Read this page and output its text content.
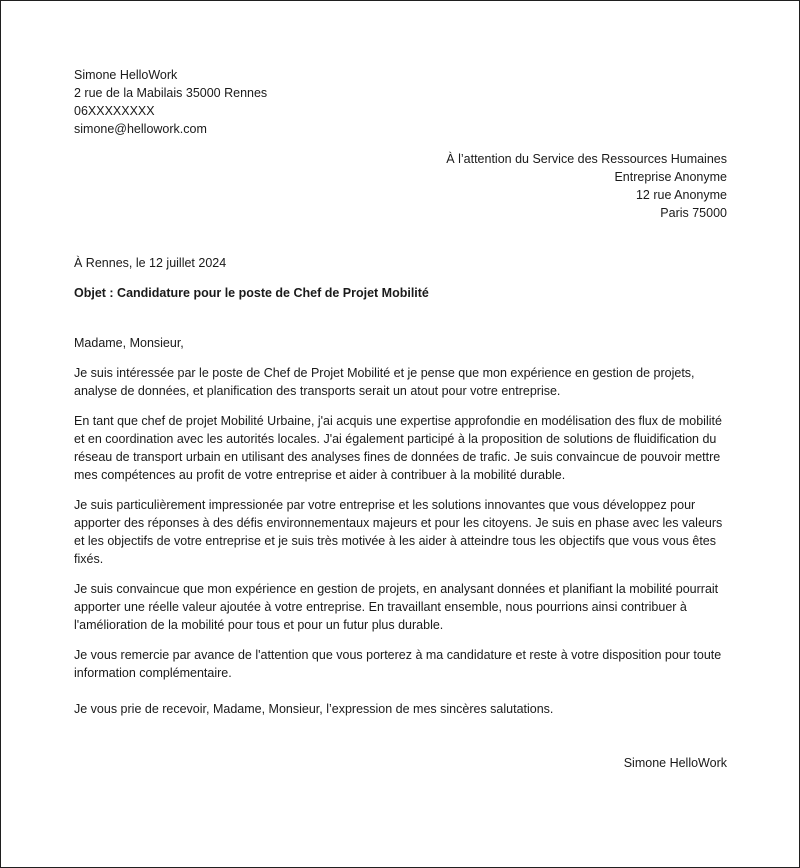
Simone HelloWork
2 rue de la Mabilais 35000 Rennes
06XXXXXXXX
simone@hellowork.com
À l’attention du Service des Ressources Humaines
Entreprise Anonyme
12 rue Anonyme
Paris 75000
À Rennes, le 12 juillet 2024
Objet : Candidature pour le poste de Chef de Projet Mobilité
Madame, Monsieur,
Je suis intéressée par le poste de Chef de Projet Mobilité et je pense que mon expérience en gestion de projets, analyse de données, et planification des transports serait un atout pour votre entreprise.
En tant que chef de projet Mobilité Urbaine, j'ai acquis une expertise approfondie en modélisation des flux de mobilité et en coordination avec les autorités locales. J'ai également participé à la proposition de solutions de fluidification du réseau de transport urbain en utilisant des analyses fines de données de trafic. Je suis convaincue de pouvoir mettre mes compétences au profit de votre entreprise et aider à contribuer à la mobilité durable.
Je suis particulièrement impressionée par votre entreprise et les solutions innovantes que vous développez pour apporter des réponses à des défis environnementaux majeurs et pour les citoyens. Je suis en phase avec les valeurs et les objectifs de votre entreprise et je suis très motivée à les aider à atteindre tous les objectifs que vous vous êtes fixés.
Je suis convaincue que mon expérience en gestion de projets, en analysant données et planifiant la mobilité pourrait apporter une réelle valeur ajoutée à votre entreprise. En travaillant ensemble, nous pourrions ainsi contribuer à l'amélioration de la mobilité pour tous et pour un futur plus durable.
Je vous remercie par avance de l'attention que vous porterez à ma candidature et reste à votre disposition pour toute information complémentaire.
Je vous prie de recevoir, Madame, Monsieur, l’expression de mes sincères salutations.
Simone HelloWork
